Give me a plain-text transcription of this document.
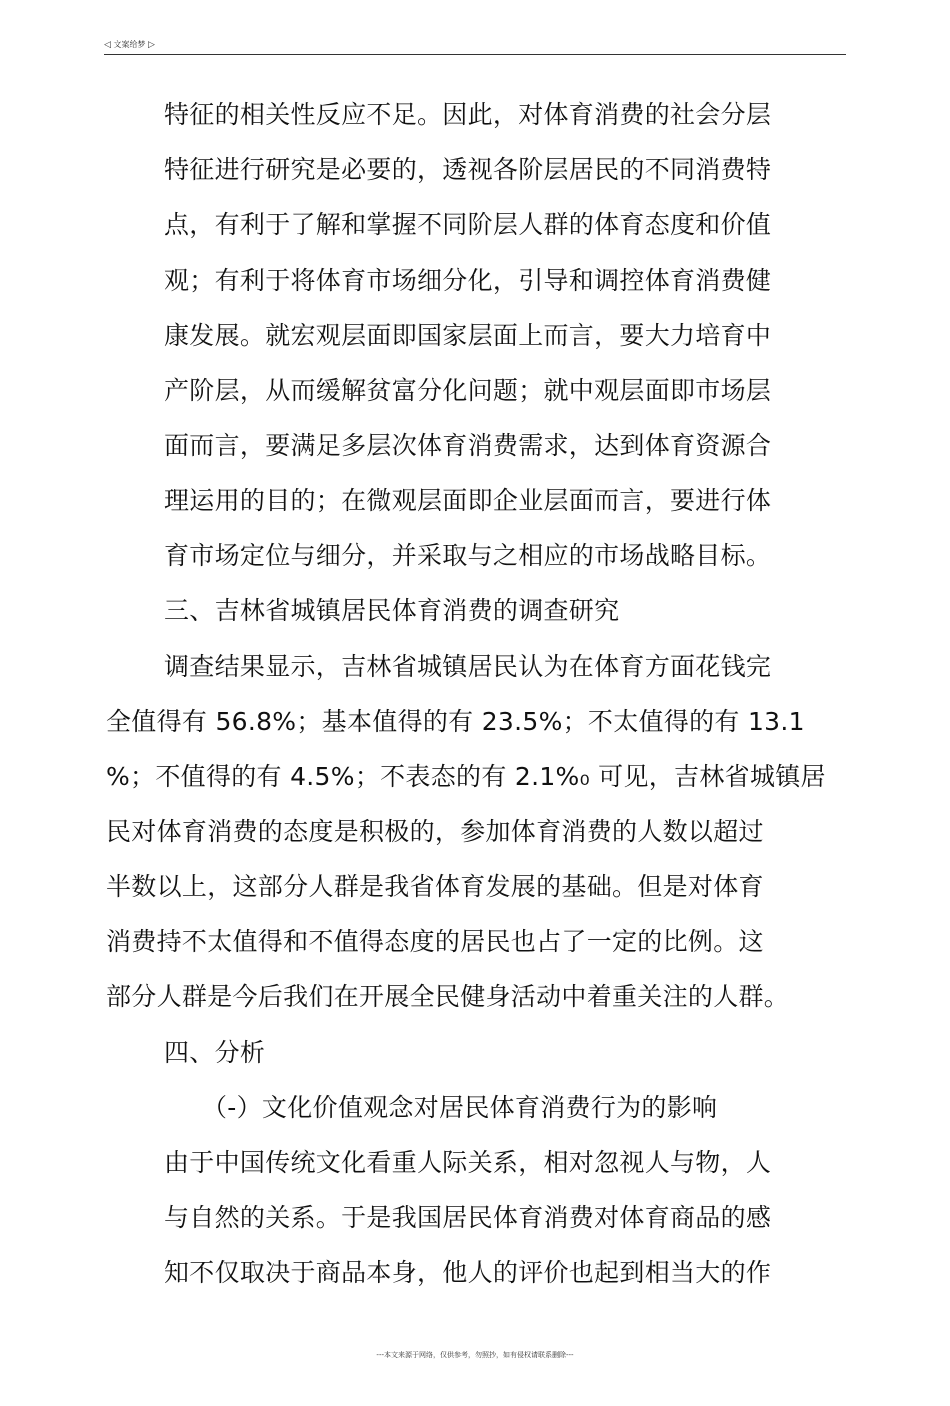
◁ 文案给梦 ▷
特征的相关性反应不足。因此，对体育消费的社会分层
特征进行研究是必要的，透视各阶层居民的不同消费特
点，有利于了解和掌握不同阶层人群的体育态度和价值
观；有利于将体育市场细分化，引导和调控体育消费健
康发展。就宏观层面即国家层面上而言，要大力培育中
产阶层，从而缓解贫富分化问题；就中观层面即市场层
面而言，要满足多层次体育消费需求，达到体育资源合
理运用的目的；在微观层面即企业层面而言，要进行体
育市场定位与细分，并采取与之相应的市场战略目标。
三、吉林省城镇居民体育消费的调查研究
调查结果显示，吉林省城镇居民认为在体育方面花钱完
全值得有 56.8%；基本值得的有 23.5%；不太值得的有 13.1
%；不值得的有 4.5%；不表态的有 2.1%₀ 可见，吉林省城镇居
民对体育消费的态度是积极的，参加体育消费的人数以超过
半数以上，这部分人群是我省体育发展的基础。但是对体育
消费持不太值得和不值得态度的居民也占了一定的比例。这
部分人群是今后我们在开展全民健身活动中着重关注的人群。
四、分析
（-）文化价值观念对居民体育消费行为的影响
由于中国传统文化看重人际关系，相对忽视人与物，人
与自然的关系。于是我国居民体育消费对体育商品的感
知不仅取决于商品本身，他人的评价也起到相当大的作
---本文来源于网络，仅供参考，勿照抄，如有侵权请联系删除---
